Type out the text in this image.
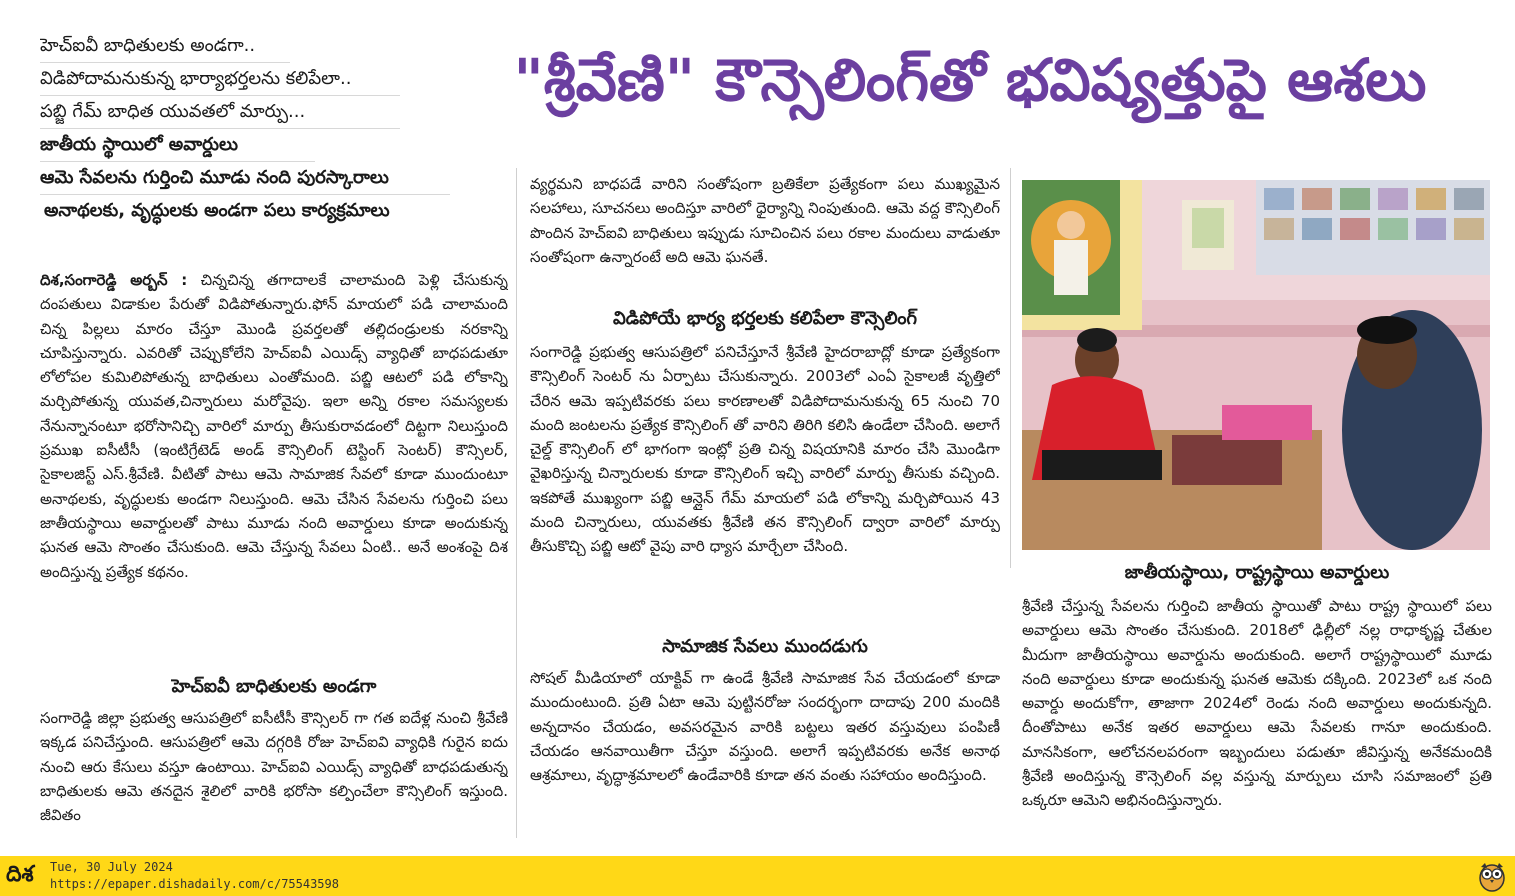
హెచ్ఐవీ బాధితులకు అండగా..
విడిపోదామనుకున్న భార్యాభర్తలను కలిపేలా..
పబ్జి గేమ్ బాధిత యువతలో మార్పు...
జాతీయ స్థాయిలో అవార్డులు
ఆమె సేవలను గుర్తించి మూడు నంది పురస్కారాలు
అనాథలకు, వృద్ధులకు అండగా పలు కార్యక్రమాలు
"శ్రీవేణి" కౌన్సెలింగ్‌తో భవిష్యత్తుపై ఆశలు

దిశ,సంగారెడ్డి అర్బన్ : చిన్నచిన్న తగాదాలకే చాలామంది పెళ్లి చేసుకున్న దంపతులు విడాకుల పేరుతో విడిపోతున్నారు.ఫోన్ మాయలో పడి చాలామంది చిన్న పిల్లలు మారం చేస్తూ మొండి ప్రవర్తలతో తల్లిదండ్రులకు నరకాన్ని చూపిస్తున్నారు. ఎవరితో చెప్పుకోలేని హెచ్ఐవీ ఎయిడ్స్ వ్యాధితో బాధపడుతూ లోలోపల కుమిలిపోతున్న బాధితులు ఎంతోమంది. పబ్జి ఆటలో పడి లోకాన్ని మర్చిపోతున్న యువత,చిన్నారులు మరోవైపు. ఇలా అన్ని రకాల సమస్యలకు నేనున్నానంటూ భరోసానిచ్చి వారిలో మార్పు తీసుకురావడంలో దిట్టగా నిలుస్తుంది ప్రముఖ ఐసీటీసీ (ఇంటిగ్రేటెడ్ అండ్ కౌన్సిలింగ్ టెస్టింగ్ సెంటర్) కౌన్సిలర్, సైకాలజిస్ట్ ఎస్.శ్రీవేణి. వీటితో పాటు ఆమె సామాజిక సేవలో కూడా ముందుంటూ అనాథలకు, వృద్ధులకు అండగా నిలుస్తుంది. ఆమె చేసిన సేవలను గుర్తించి పలు జాతీయస్థాయి అవార్డులతో పాటు మూడు నంది అవార్డులు కూడా అందుకున్న ఘనత ఆమె సొంతం చేసుకుంది. ఆమె చేస్తున్న సేవలు ఏంటి.. అనే అంశంపై దిశ అందిస్తున్న ప్రత్యేక కథనం.

హెచ్ఐవీ బాధితులకు అండగా

సంగారెడ్డి జిల్లా ప్రభుత్వ ఆసుపత్రిలో ఐసీటీసీ కౌన్సిలర్ గా గత ఐదేళ్ల నుంచి శ్రీవేణి ఇక్కడ పనిచేస్తుంది. ఆసుపత్రిలో ఆమె దగ్గరికి రోజు హెచ్ఐవి వ్యాధికి గురైన ఐదు నుంచి ఆరు కేసులు వస్తూ ఉంటాయి. హెచ్ఐవి ఎయిడ్స్ వ్యాధితో బాధపడుతున్న బాధితులకు ఆమె తనదైన శైలిలో వారికి భరోసా కల్పించేలా కౌన్సిలింగ్ ఇస్తుంది. జీవితం

వ్యర్థమని బాధపడే వారిని సంతోషంగా బ్రతికేలా ప్రత్యేకంగా పలు ముఖ్యమైన సలహాలు, సూచనలు అందిస్తూ వారిలో ధైర్యాన్ని నింపుతుంది. ఆమె వద్ద కౌన్సిలింగ్ పొందిన హెచ్ఐవి బాధితులు ఇప్పుడు సూచించిన పలు రకాల మందులు వాడుతూ సంతోషంగా ఉన్నారంటే అది ఆమె ఘనతే.

విడిపోయే భార్య భర్తలకు కలిపేలా కౌన్సెలింగ్

సంగారెడ్డి ప్రభుత్వ ఆసుపత్రిలో పనిచేస్తూనే శ్రీవేణి హైదరాబాద్లో కూడా ప్రత్యేకంగా కౌన్సిలింగ్ సెంటర్ ను ఏర్పాటు చేసుకున్నారు. 2003లో ఎంఏ సైకాలజీ వృత్తిలో చేరిన ఆమె ఇప్పటివరకు పలు కారణాలతో విడిపోదామనుకున్న 65 నుంచి 70 మంది జంటలను ప్రత్యేక కౌన్సిలింగ్ తో వారిని తిరిగి కలిసి ఉండేలా చేసింది. అలాగే చైల్డ్ కౌన్సిలింగ్ లో భాగంగా ఇంట్లో ప్రతి చిన్న విషయానికి మారం చేసి మొండిగా వైఖరిస్తున్న చిన్నారులకు కూడా కౌన్సిలింగ్ ఇచ్చి వారిలో మార్పు తీసుకు వచ్చింది. ఇకపోతే ముఖ్యంగా పబ్జి ఆన్లైన్ గేమ్ మాయలో పడి లోకాన్ని మర్చిపోయిన 43 మంది చిన్నారులు, యువతకు శ్రీవేణి తన కౌన్సిలింగ్ ద్వారా వారిలో మార్పు తీసుకొచ్చి పబ్జి ఆటో వైపు వారి ధ్యాస మార్చేలా చేసింది.

సామాజిక సేవలు ముందడుగు

సోషల్ మీడియాలో యాక్టివ్ గా ఉండే శ్రీవేణి సామాజిక సేవ చేయడంలో కూడా ముందుంటుంది. ప్రతి ఏటా ఆమె పుట్టినరోజు సందర్భంగా దాదాపు 200 మందికి అన్నదానం చేయడం, అవసరమైన వారికి బట్టలు ఇతర వస్తువులు పంపిణీ చేయడం ఆనవాయితీగా చేస్తూ వస్తుంది. అలాగే ఇప్పటివరకు అనేక అనాథ ఆశ్రమాలు, వృద్ధాశ్రమాలలో ఉండేవారికి కూడా తన వంతు సహాయం అందిస్తుంది.

జాతీయస్థాయి, రాష్ట్రస్థాయి అవార్డులు

శ్రీవేణి చేస్తున్న సేవలను గుర్తించి జాతీయ స్థాయితో పాటు రాష్ట్ర స్థాయిలో పలు అవార్డులు ఆమె సొంతం చేసుకుంది. 2018లో ఢిల్లీలో నల్ల రాధాకృష్ణ చేతుల మీదుగా జాతీయస్థాయి అవార్డును అందుకుంది. అలాగే రాష్ట్రస్థాయిలో మూడు నంది అవార్డులు కూడా అందుకున్న ఘనత ఆమెకు దక్కింది. 2023లో ఒక నంది అవార్డు అందుకోగా, తాజాగా 2024లో రెండు నంది అవార్డులు అందుకున్నది. దీంతోపాటు అనేక ఇతర అవార్డులు ఆమె సేవలకు గానూ అందుకుంది. మానసికంగా, ఆలోచనలపరంగా ఇబ్బందులు పడుతూ జీవిస్తున్న అనేకమందికి శ్రీవేణి అందిస్తున్న కౌన్సెలింగ్ వల్ల వస్తున్న మార్పులు చూసి సమాజంలో ప్రతి ఒక్కరూ ఆమెని అభినందిస్తున్నారు.

దిశ Tue, 30 July 2024
https://epaper.dishadaily.com/c/75543598
